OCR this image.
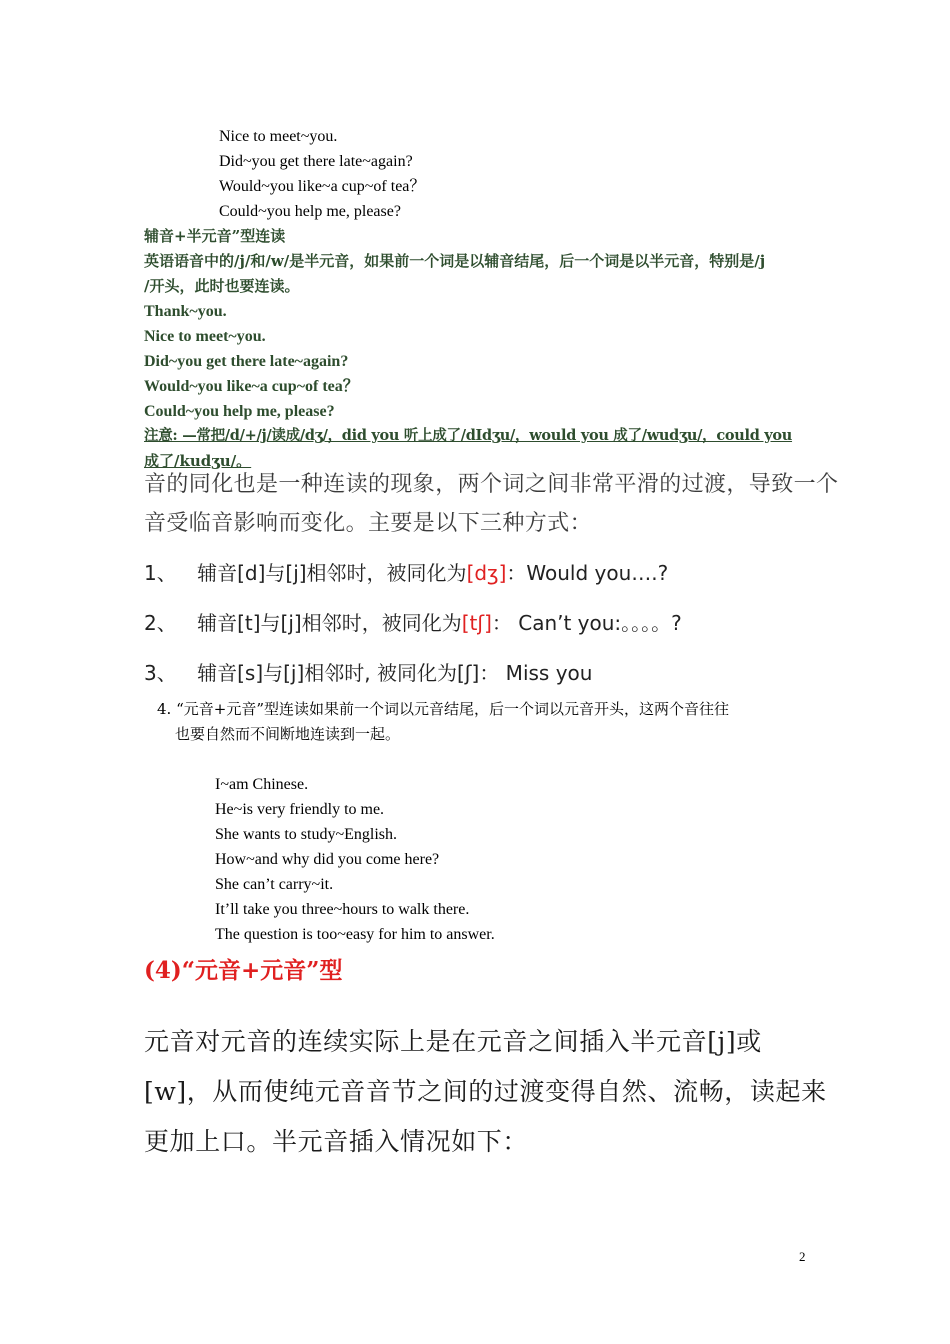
Nice to meet~you.
Did~you get there late~again?
Would~you like~a cup~of tea？
Could~you help me, please?
辅音+半元音”型连读
英语语音中的/j/和/w/是半元音，如果前一个词是以辅音结尾，后一个词是以半元音，特别是/j
/开头，此时也要连读。
Thank~you.
Nice to meet~you.
Did~you get there late~again?
Would~you like~a cup~of tea？
Could~you help me, please?
注意: —常把/d/+/j/读成/dʒ/，did you 听上成了/dIdʒu/，would you 成了/wudʒu/，could you
成了/kudʒu/。
音的同化也是一种连读的现象，两个词之间非常平滑的过渡，导致一个
音受临音影响而变化。主要是以下三种方式：
1、 辅音[d]与[j]相邻时，被同化为[dʒ]：Would you….?
2、 辅音[t]与[j]相邻时，被同化为[tʃ]： Can’t you:。。。。?
3、 辅音[s]与[j]相邻时, 被同化为[ʃ]： Miss you
4. “元音+元音”型连读如果前一个词以元音结尾，后一个词以元音开头，这两个音往往
也要自然而不间断地连读到一起。
I~am Chinese.
He~is very friendly to me.
She wants to study~English.
How~and why did you come here?
She can’t carry~it.
It’ll take you three~hours to walk there.
The question is too~easy for him to answer.
(4)“元音+元音”型
元音对元音的连续实际上是在元音之间插入半元音[j]或
[w]，从而使纯元音音节之间的过渡变得自然、流畅，读起来
更加上口。半元音插入情况如下：
2
